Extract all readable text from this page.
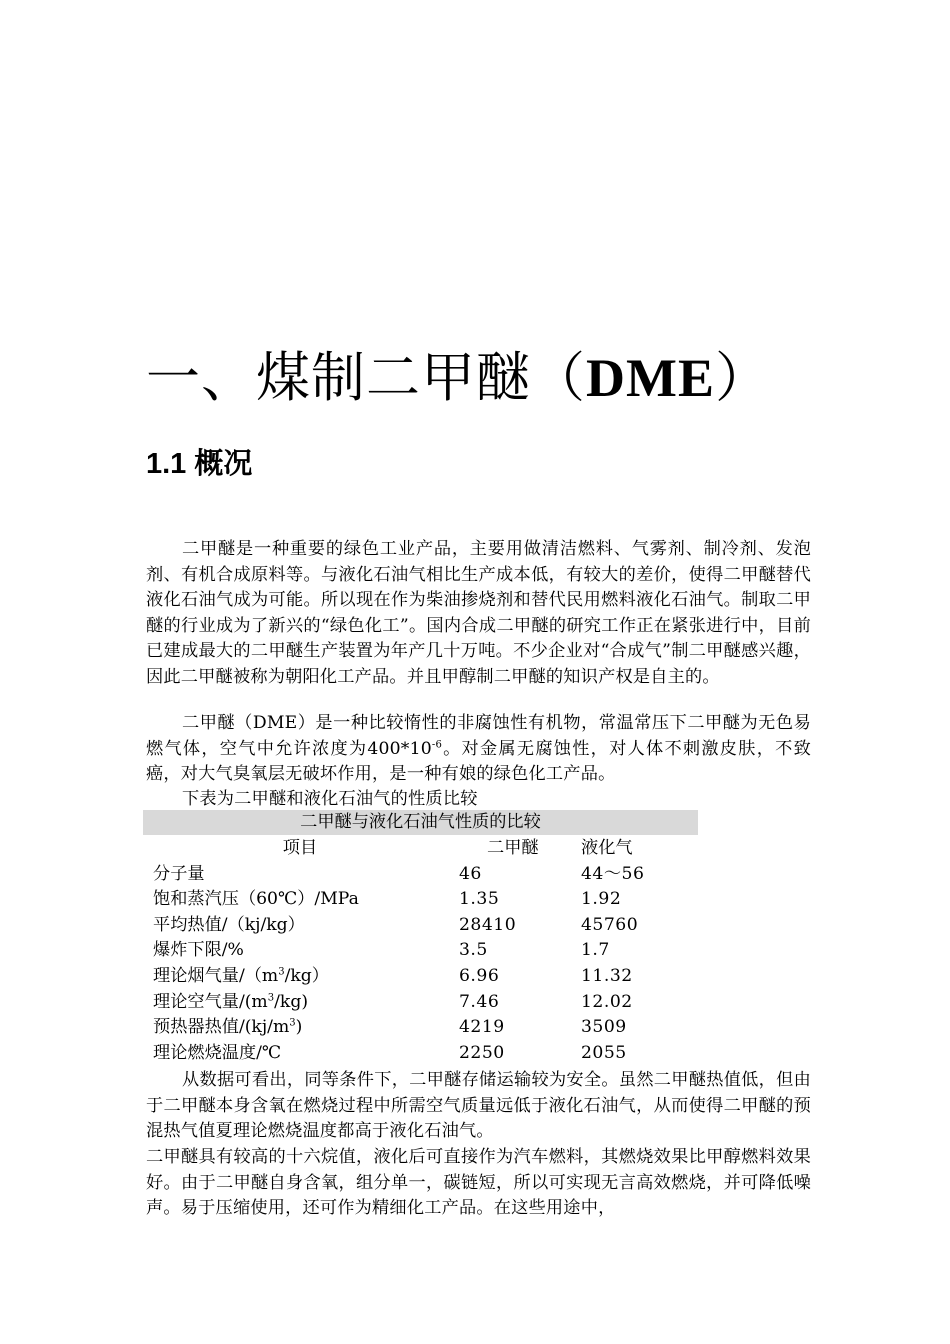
一、煤制二甲醚（DME）
1.1 概况

二甲醚是一种重要的绿色工业产品，主要用做清洁燃料、气雾剂、制冷剂、发泡剂、有机合成原料等。与液化石油气相比生产成本低，有较大的差价，使得二甲醚替代液化石油气成为可能。所以现在作为柴油掺烧剂和替代民用燃料液化石油气。制取二甲醚的行业成为了新兴的“绿色化工”。国内合成二甲醚的研究工作正在紧张进行中，目前已建成最大的二甲醚生产装置为年产几十万吨。不少企业对“合成气”制二甲醚感兴趣，因此二甲醚被称为朝阳化工产品。并且甲醇制二甲醚的知识产权是自主的。

二甲醚（DME）是一种比较惰性的非腐蚀性有机物，常温常压下二甲醚为无色易燃气体，空气中允许浓度为$400*10^{-6}$。对金属无腐蚀性，对人体不刺激皮肤，不致癌，对大气臭氧层无破坏作用，是一种有娘的绿色化工产品。

下表为二甲醚和液化石油气的性质比较

二甲醚与液化石油气性质的比较
项目	二甲醚	液化气
分子量	46	44～56
饱和蒸汽压（60℃）/MPa	1.35	1.92
平均热值/（kj/kg）	28410	45760
爆炸下限/%	3.5	1.7
理论烟气量$/(m^3/kg)$	6.96	11.32
理论空气量$/(m^3/kg)$	7.46	12.02
预热器热值$/(kj/m^3)$	4219	3509
理论燃烧温度/℃	2250	2055

从数据可看出，同等条件下，二甲醚存储运输较为安全。虽然二甲醚热值低，但由于二甲醚本身含氧在燃烧过程中所需空气质量远低于液化石油气，从而使得二甲醚的预混热气值夏理论燃烧温度都高于液化石油气。

二甲醚具有较高的十六烷值，液化后可直接作为汽车燃料，其燃烧效果比甲醇燃料效果好。由于二甲醚自身含氧，组分单一，碳链短，所以可实现无言高效燃烧，并可降低噪声。易于压缩使用，还可作为精细化工产品。在这些用途中，
